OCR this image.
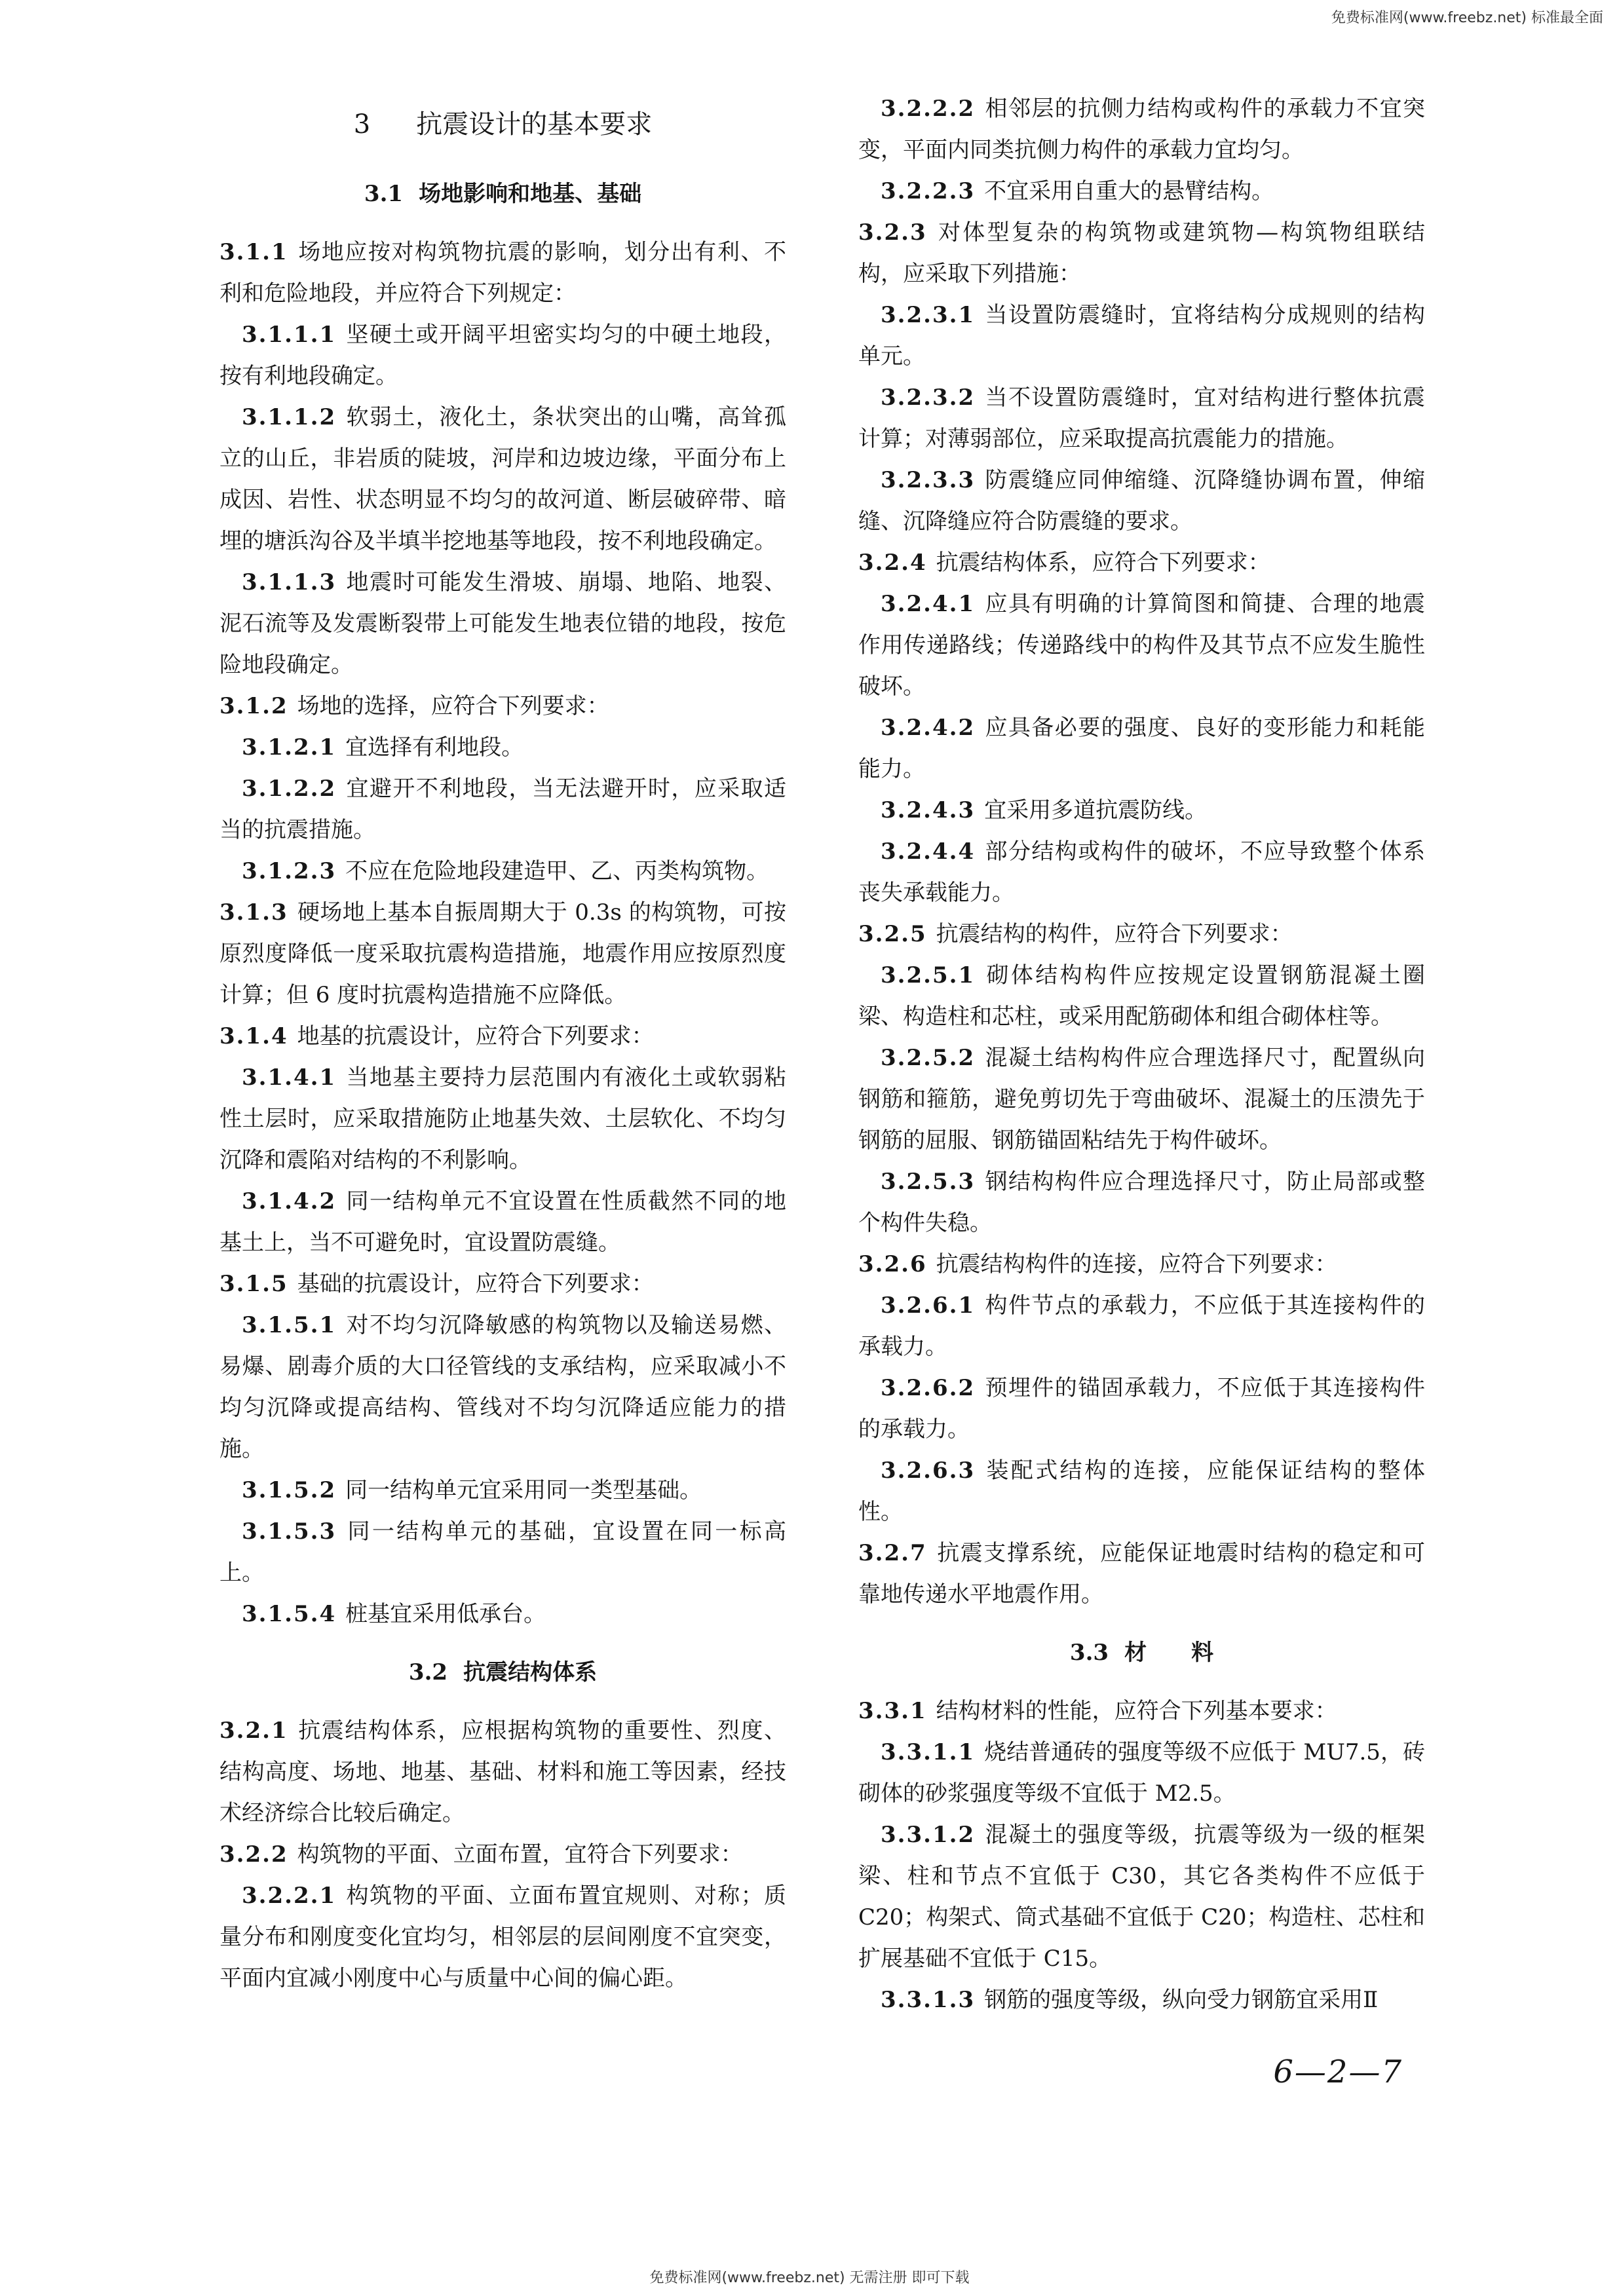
免费标准网(www.freebz.net) 标准最全面
3 抗震设计的基本要求
3.1 场地影响和地基、基础

3.1.1 场地应按对构筑物抗震的影响，划分出有利、不利和危险地段，并应符合下列规定：

3.1.1.1 坚硬土或开阔平坦密实均匀的中硬土地段，按有利地段确定。

3.1.1.2 软弱土，液化土，条状突出的山嘴，高耸孤立的山丘，非岩质的陡坡，河岸和边坡边缘，平面分布上成因、岩性、状态明显不均匀的故河道、断层破碎带、暗埋的塘浜沟谷及半填半挖地基等地段，按不利地段确定。

3.1.1.3 地震时可能发生滑坡、崩塌、地陷、地裂、泥石流等及发震断裂带上可能发生地表位错的地段，按危险地段确定。

3.1.2 场地的选择，应符合下列要求：

3.1.2.1 宜选择有利地段。

3.1.2.2 宜避开不利地段，当无法避开时，应采取适当的抗震措施。

3.1.2.3 不应在危险地段建造甲、乙、丙类构筑物。

3.1.3 硬场地上基本自振周期大于 0.3s 的构筑物，可按原烈度降低一度采取抗震构造措施，地震作用应按原烈度计算；但 6 度时抗震构造措施不应降低。

3.1.4 地基的抗震设计，应符合下列要求：

3.1.4.1 当地基主要持力层范围内有液化土或软弱粘性土层时，应采取措施防止地基失效、土层软化、不均匀沉降和震陷对结构的不利影响。

3.1.4.2 同一结构单元不宜设置在性质截然不同的地基土上，当不可避免时，宜设置防震缝。

3.1.5 基础的抗震设计，应符合下列要求：

3.1.5.1 对不均匀沉降敏感的构筑物以及输送易燃、易爆、剧毒介质的大口径管线的支承结构，应采取减小不均匀沉降或提高结构、管线对不均匀沉降适应能力的措施。

3.1.5.2 同一结构单元宜采用同一类型基础。

3.1.5.3 同一结构单元的基础，宜设置在同一标高上。

3.1.5.4 桩基宜采用低承台。

3.2 抗震结构体系

3.2.1 抗震结构体系，应根据构筑物的重要性、烈度、结构高度、场地、地基、基础、材料和施工等因素，经技术经济综合比较后确定。

3.2.2 构筑物的平面、立面布置，宜符合下列要求：

3.2.2.1 构筑物的平面、立面布置宜规则、对称；质量分布和刚度变化宜均匀，相邻层的层间刚度不宜突变，平面内宜减小刚度中心与质量中心间的偏心距。

3.2.2.2 相邻层的抗侧力结构或构件的承载力不宜突变，平面内同类抗侧力构件的承载力宜均匀。

3.2.2.3 不宜采用自重大的悬臂结构。

3.2.3 对体型复杂的构筑物或建筑物—构筑物组联结构，应采取下列措施：

3.2.3.1 当设置防震缝时，宜将结构分成规则的结构单元。

3.2.3.2 当不设置防震缝时，宜对结构进行整体抗震计算；对薄弱部位，应采取提高抗震能力的措施。

3.2.3.3 防震缝应同伸缩缝、沉降缝协调布置，伸缩缝、沉降缝应符合防震缝的要求。

3.2.4 抗震结构体系，应符合下列要求：

3.2.4.1 应具有明确的计算简图和简捷、合理的地震作用传递路线；传递路线中的构件及其节点不应发生脆性破坏。

3.2.4.2 应具备必要的强度、良好的变形能力和耗能能力。

3.2.4.3 宜采用多道抗震防线。

3.2.4.4 部分结构或构件的破坏，不应导致整个体系丧失承载能力。

3.2.5 抗震结构的构件，应符合下列要求：

3.2.5.1 砌体结构构件应按规定设置钢筋混凝土圈梁、构造柱和芯柱，或采用配筋砌体和组合砌体柱等。

3.2.5.2 混凝土结构构件应合理选择尺寸，配置纵向钢筋和箍筋，避免剪切先于弯曲破坏、混凝土的压溃先于钢筋的屈服、钢筋锚固粘结先于构件破坏。

3.2.5.3 钢结构构件应合理选择尺寸，防止局部或整个构件失稳。

3.2.6 抗震结构构件的连接，应符合下列要求：

3.2.6.1 构件节点的承载力，不应低于其连接构件的承载力。

3.2.6.2 预埋件的锚固承载力，不应低于其连接构件的承载力。

3.2.6.3 装配式结构的连接，应能保证结构的整体性。

3.2.7 抗震支撑系统，应能保证地震时结构的稳定和可靠地传递水平地震作用。

3.3 材　　料

3.3.1 结构材料的性能，应符合下列基本要求：

3.3.1.1 烧结普通砖的强度等级不应低于 MU7.5，砖砌体的砂浆强度等级不宜低于 M2.5。

3.3.1.2 混凝土的强度等级，抗震等级为一级的框架梁、柱和节点不宜低于 C30，其它各类构件不应低于 C20；构架式、筒式基础不宜低于 C20；构造柱、芯柱和扩展基础不宜低于 C15。

3.3.1.3 钢筋的强度等级，纵向受力钢筋宜采用Ⅱ

6—2—7
免费标准网(www.freebz.net) 无需注册 即可下载
